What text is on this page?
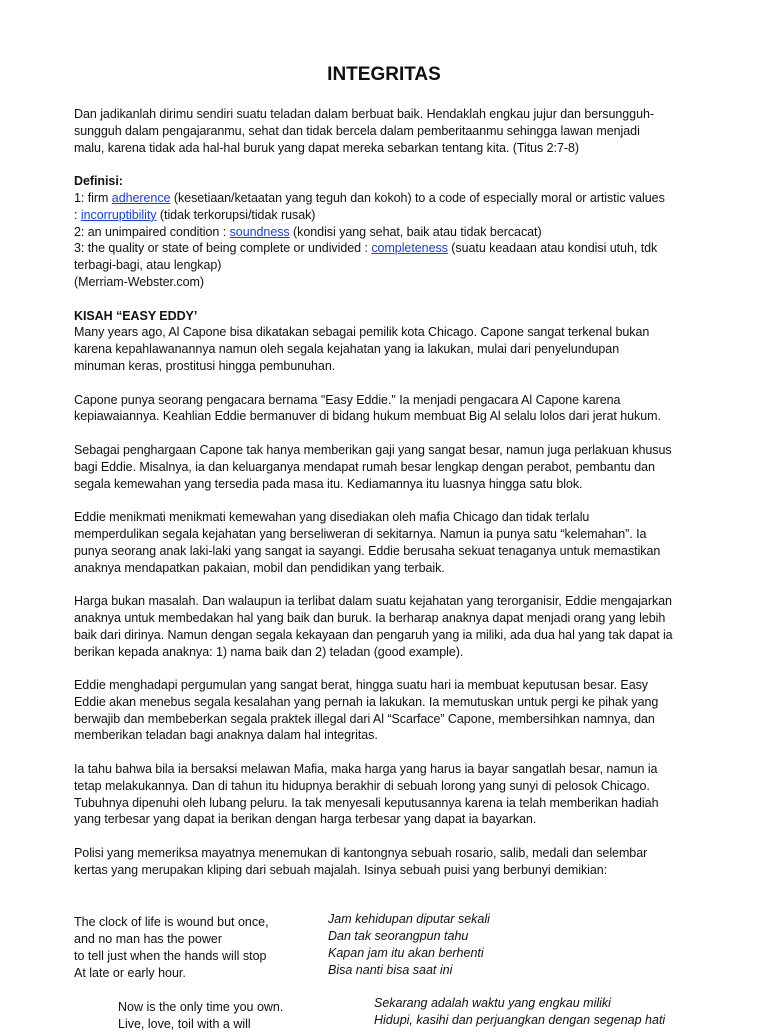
INTEGRITAS

Dan jadikanlah dirimu sendiri suatu teladan dalam berbuat baik. Hendaklah engkau jujur dan bersungguh-

sungguh dalam pengajaranmu, sehat dan tidak bercela dalam pemberitaanmu sehingga lawan menjadi

malu, karena tidak ada hal-hal buruk yang dapat mereka sebarkan tentang kita. (Titus 2:7-8)

Definisi:

1: firm adherence (kesetiaan/ketaatan yang teguh dan kokoh) to a code of especially moral or artistic values

: incorruptibility (tidak terkorupsi/tidak rusak)

2: an unimpaired condition : soundness (kondisi yang sehat, baik atau tidak bercacat)

3: the quality or state of being complete or undivided : completeness (suatu keadaan atau kondisi utuh, tdk

terbagi-bagi, atau lengkap)

(Merriam-Webster.com)

KISAH “EASY EDDY’

Many years ago, Al Capone bisa dikatakan sebagai pemilik kota Chicago. Capone sangat terkenal bukan

karena kepahlawanannya namun oleh segala kejahatan yang ia lakukan, mulai dari penyelundupan

minuman keras, prostitusi hingga pembunuhan.

Capone punya seorang pengacara bernama "Easy Eddie." Ia menjadi pengacara Al Capone karena

kepiawaiannya. Keahlian Eddie bermanuver di bidang hukum membuat Big Al selalu lolos dari jerat hukum.

Sebagai penghargaan Capone tak hanya memberikan gaji yang sangat besar, namun juga perlakuan khusus

bagi Eddie. Misalnya, ia dan keluarganya mendapat rumah besar lengkap dengan perabot, pembantu dan

segala kemewahan yang tersedia pada masa itu. Kediamannya itu luasnya hingga satu blok.

Eddie menikmati menikmati kemewahan yang disediakan oleh mafia Chicago dan tidak terlalu

memperdulikan segala kejahatan yang berseliweran di sekitarnya. Namun ia punya satu “kelemahan”. Ia

punya seorang anak laki-laki yang sangat ia sayangi. Eddie berusaha sekuat tenaganya untuk memastikan

anaknya mendapatkan pakaian, mobil dan pendidikan yang terbaik.

Harga bukan masalah. Dan walaupun ia terlibat dalam suatu kejahatan yang terorganisir, Eddie mengajarkan

anaknya untuk membedakan hal yang baik dan buruk. Ia berharap anaknya dapat menjadi orang yang lebih

baik dari dirinya. Namun dengan segala kekayaan dan pengaruh yang ia miliki, ada dua hal yang tak dapat ia

berikan kepada anaknya: 1) nama baik dan 2) teladan (good example).

Eddie menghadapi pergumulan yang sangat berat, hingga suatu hari ia membuat keputusan besar. Easy

Eddie akan menebus segala kesalahan yang pernah ia lakukan. Ia memutuskan untuk pergi ke pihak yang

berwajib dan membeberkan segala praktek illegal dari Al “Scarface” Capone, membersihkan namnya, dan

memberikan teladan bagi anaknya dalam hal integritas.

Ia tahu bahwa bila ia bersaksi melawan Mafia, maka harga yang harus ia bayar sangatlah besar, namun ia

tetap melakukannya. Dan di tahun itu hidupnya berakhir di sebuah lorong yang sunyi di pelosok Chicago.

Tubuhnya dipenuhi oleh lubang peluru. Ia tak menyesali keputusannya karena ia telah memberikan hadiah

yang terbesar yang dapat ia berikan dengan harga terbesar yang dapat ia bayarkan.

Polisi yang memeriksa mayatnya menemukan di kantongnya sebuah rosario, salib, medali dan selembar

kertas yang merupakan kliping dari sebuah majalah. Isinya sebuah puisi yang berbunyi demikian:

The clock of life is wound but once,
and no man has the power
to tell just when the hands will stop
At late or early hour.
Jam kehidupan diputar sekali
Dan tak seorangpun tahu
Kapan jam itu akan berhenti
Bisa nanti bisa saat ini
Now is the only time you own.
Live, love, toil with a will
Sekarang adalah waktu yang engkau miliki
Hidupi, kasihi dan perjuangkan dengan segenap hati
